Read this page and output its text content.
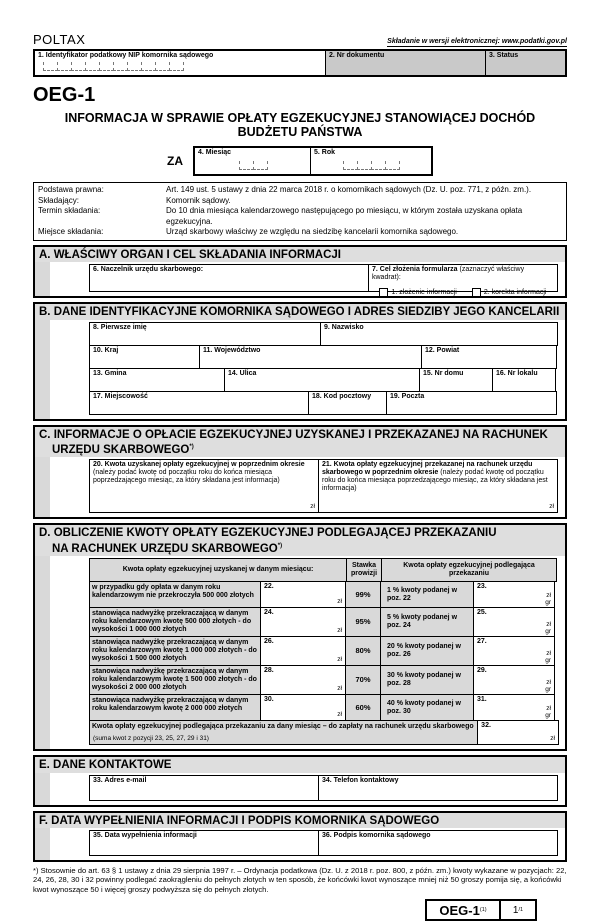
POLTAX	Składanie w wersji elektronicznej: www.podatki.gov.pl
1. Identyfikator podatkowy NIP komornika sądowego	2. Nr dokumentu	3. Status
OEG-1
INFORMACJA W SPRAWIE OPŁATY EGZEKUCYJNEJ STANOWIĄCEJ DOCHÓD
BUDŻETU PAŃSTWA
ZA
4. Miesiąc	5. Rok
Podstawa prawna:	Art. 149 ust. 5 ustawy z dnia 22 marca 2018 r. o komornikach sądowych (Dz. U. poz. 771, z późn. zm.).
Składający:	Komornik sądowy.
Termin składania:	Do 10 dnia miesiąca kalendarzowego następującego po miesiącu, w którym została uzyskana opłata egzekucyjna.
Miejsce składania:	Urząd skarbowy właściwy ze względu na siedzibę kancelarii komornika sądowego.
A. WŁAŚCIWY ORGAN I CEL SKŁADANIA INFORMACJI
6. Naczelnik urzędu skarbowego:	7. Cel złożenia formularza (zaznaczyć właściwy kwadrat):
1. złożenie informacji	2. korekta informacji
B. DANE IDENTYFIKACYJNE KOMORNIKA SĄDOWEGO I ADRES SIEDZIBY JEGO KANCELARII
8. Pierwsze imię	9. Nazwisko
10. Kraj	11. Województwo	12. Powiat
13. Gmina	14. Ulica	15. Nr domu	16. Nr lokalu
17. Miejscowość	18. Kod pocztowy	19. Poczta
C. INFORMACJE O OPŁACIE EGZEKUCYJNEJ UZYSKANEJ I PRZEKAZANEJ NA RACHUNEK
URZĘDU SKARBOWEGO*)
20. Kwota uzyskanej opłaty egzekucyjnej w poprzednim okresie (należy podać kwotę od początku roku do końca miesiąca poprzedzającego miesiąc, za który składana jest informacja)
zł
21. Kwota opłaty egzekucyjnej przekazanej na rachunek urzędu skarbowego w poprzednim okresie (należy podać kwotę od początku roku do końca miesiąca poprzedzającego miesiąc, za który składana jest informacja)
zł
D. OBLICZENIE KWOTY OPŁATY EGZEKUCYJNEJ PODLEGAJĄCEJ PRZEKAZANIU
NA RACHUNEK URZĘDU SKARBOWEGO*)
Kwota opłaty egzekucyjnej uzyskanej w danym miesiącu:
Stawka prowizji
Kwota opłaty egzekucyjnej podlegająca przekazaniu
w przypadku gdy opłata w danym roku kalendarzowym nie przekroczyła 500 000 złotych
22.
zł
99%	1 % kwoty podanej w poz. 22
23.
zł
gr
stanowiąca nadwyżkę przekraczającą w danym roku kalendarzowym kwotę 500 000 złotych - do wysokości 1 000 000 złotych
24.
zł
95%	5 % kwoty podanej w poz. 24
25.
zł
gr
stanowiąca nadwyżkę przekraczającą w danym roku kalendarzowym kwotę 1 000 000 złotych - do wysokości 1 500 000 złotych
26.
zł
80%	20 % kwoty podanej w poz. 26
27.
zł
gr
stanowiąca nadwyżkę przekraczającą w danym roku kalendarzowym kwotę 1 500 000 złotych - do wysokości 2 000 000 złotych
28.
zł
70%	30 % kwoty podanej w poz. 28
29.
zł
gr
stanowiąca nadwyżkę przekraczającą w danym roku kalendarzowym kwotę 2 000 000 złotych
30.
zł
60%	40 % kwoty podanej w poz. 30
31.
zł
gr
Kwota opłaty egzekucyjnej podlegająca przekazaniu za dany miesiąc – do zapłaty na rachunek urzędu skarbowego
(suma kwot z pozycji 23, 25, 27, 29 i 31)
32.
zł
E. DANE KONTAKTOWE
33. Adres e-mail	34. Telefon kontaktowy
F. DATA WYPEŁNIENIA INFORMACJI I PODPIS KOMORNIKA SĄDOWEGO
35. Data wypełnienia informacji	36. Podpis komornika sądowego
*) Stosownie do art. 63 § 1 ustawy z dnia 29 sierpnia 1997 r. – Ordynacja podatkowa (Dz. U. z 2018 r. poz. 800, z późn. zm.) kwoty wykazane w pozycjach: 22, 24, 26, 28, 30 i 32 powinny podlegać zaokrągleniu do pełnych złotych w ten sposób, że końcówki kwot wynoszące mniej niż 50 groszy pomija się, a końcówki kwot wynoszące 50 i więcej groszy podwyższa się do pełnych złotych.
OEG-1 (1)	1 /1
